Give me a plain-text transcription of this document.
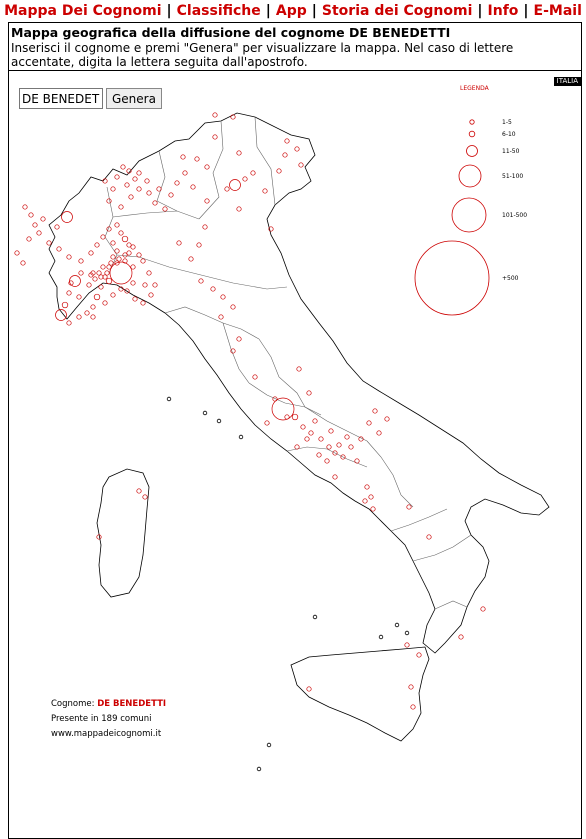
Mappa Dei Cognomi | Classifiche | App | Storia dei Cognomi | Info | E-Mail
Mappa geografica della diffusione del cognome DE BENEDETTI

Inserisci il cognome e premi "Genera" per visualizzare la mappa. Nel caso di lettere accentate, digita la lettera seguita dall'apostrofo.

LEGENDA
1-5
6-10
11-50
51-100
101-500
+500
DE BENEDET
Genera
ITALIA
Cognome: DE BENEDETTI
Presente in 189 comuni
www.mappadeicognomi.it
